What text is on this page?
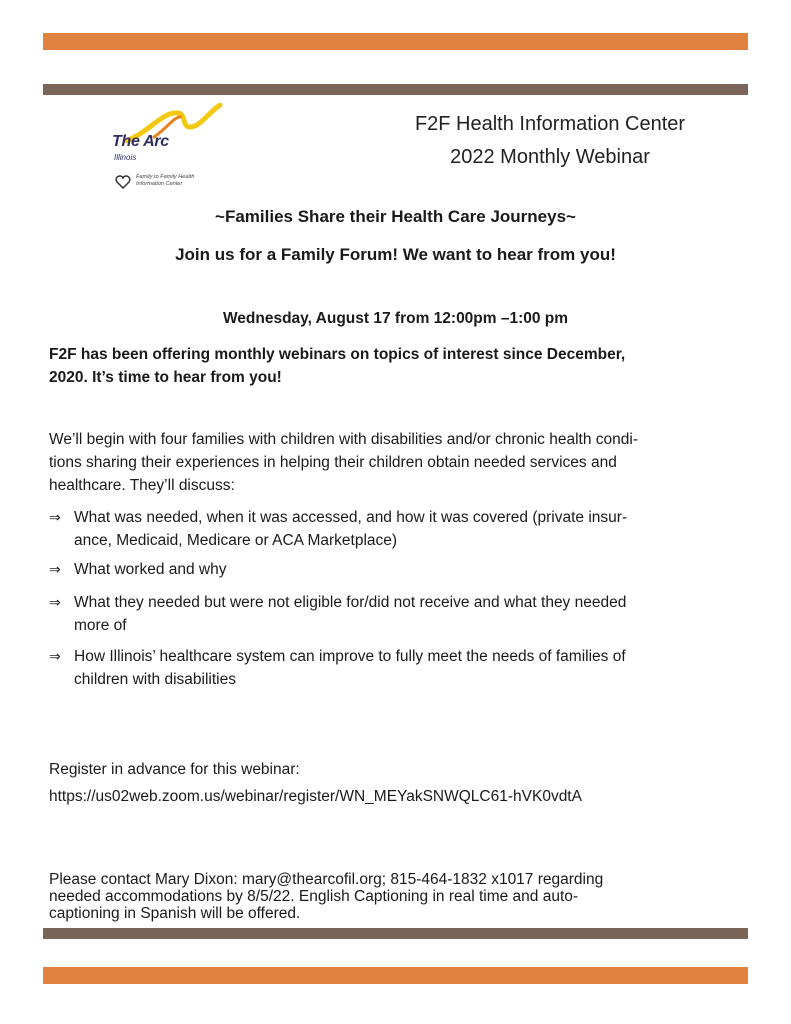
The Arc
Illinois
Family to Family Health
Information Center
F2F Health Information Center
2022 Monthly Webinar
~Families Share their Health Care Journeys~
Join us for a Family Forum! We want to hear from you!
Wednesday, August 17 from 12:00pm –1:00 pm
F2F has been offering monthly webinars on topics of interest since December,
2020. It’s time to hear from you!
We’ll begin with four families with children with disabilities and/or chronic health condi-
tions sharing their experiences in helping their children obtain needed services and
healthcare. They’ll discuss:
⇒ What was needed, when it was accessed, and how it was covered (private insur-
ance, Medicaid, Medicare or ACA Marketplace)
⇒ What worked and why
⇒ What they needed but were not eligible for/did not receive and what they needed
more of
⇒ How Illinois’ healthcare system can improve to fully meet the needs of families of
children with disabilities
Register in advance for this webinar:
https://us02web.zoom.us/webinar/register/WN_MEYakSNWQLC61-hVK0vdtA
Please contact Mary Dixon: mary@thearcofil.org; 815-464-1832 x1017 regarding
needed accommodations by 8/5/22. English Captioning in real time and auto-
captioning in Spanish will be offered.
